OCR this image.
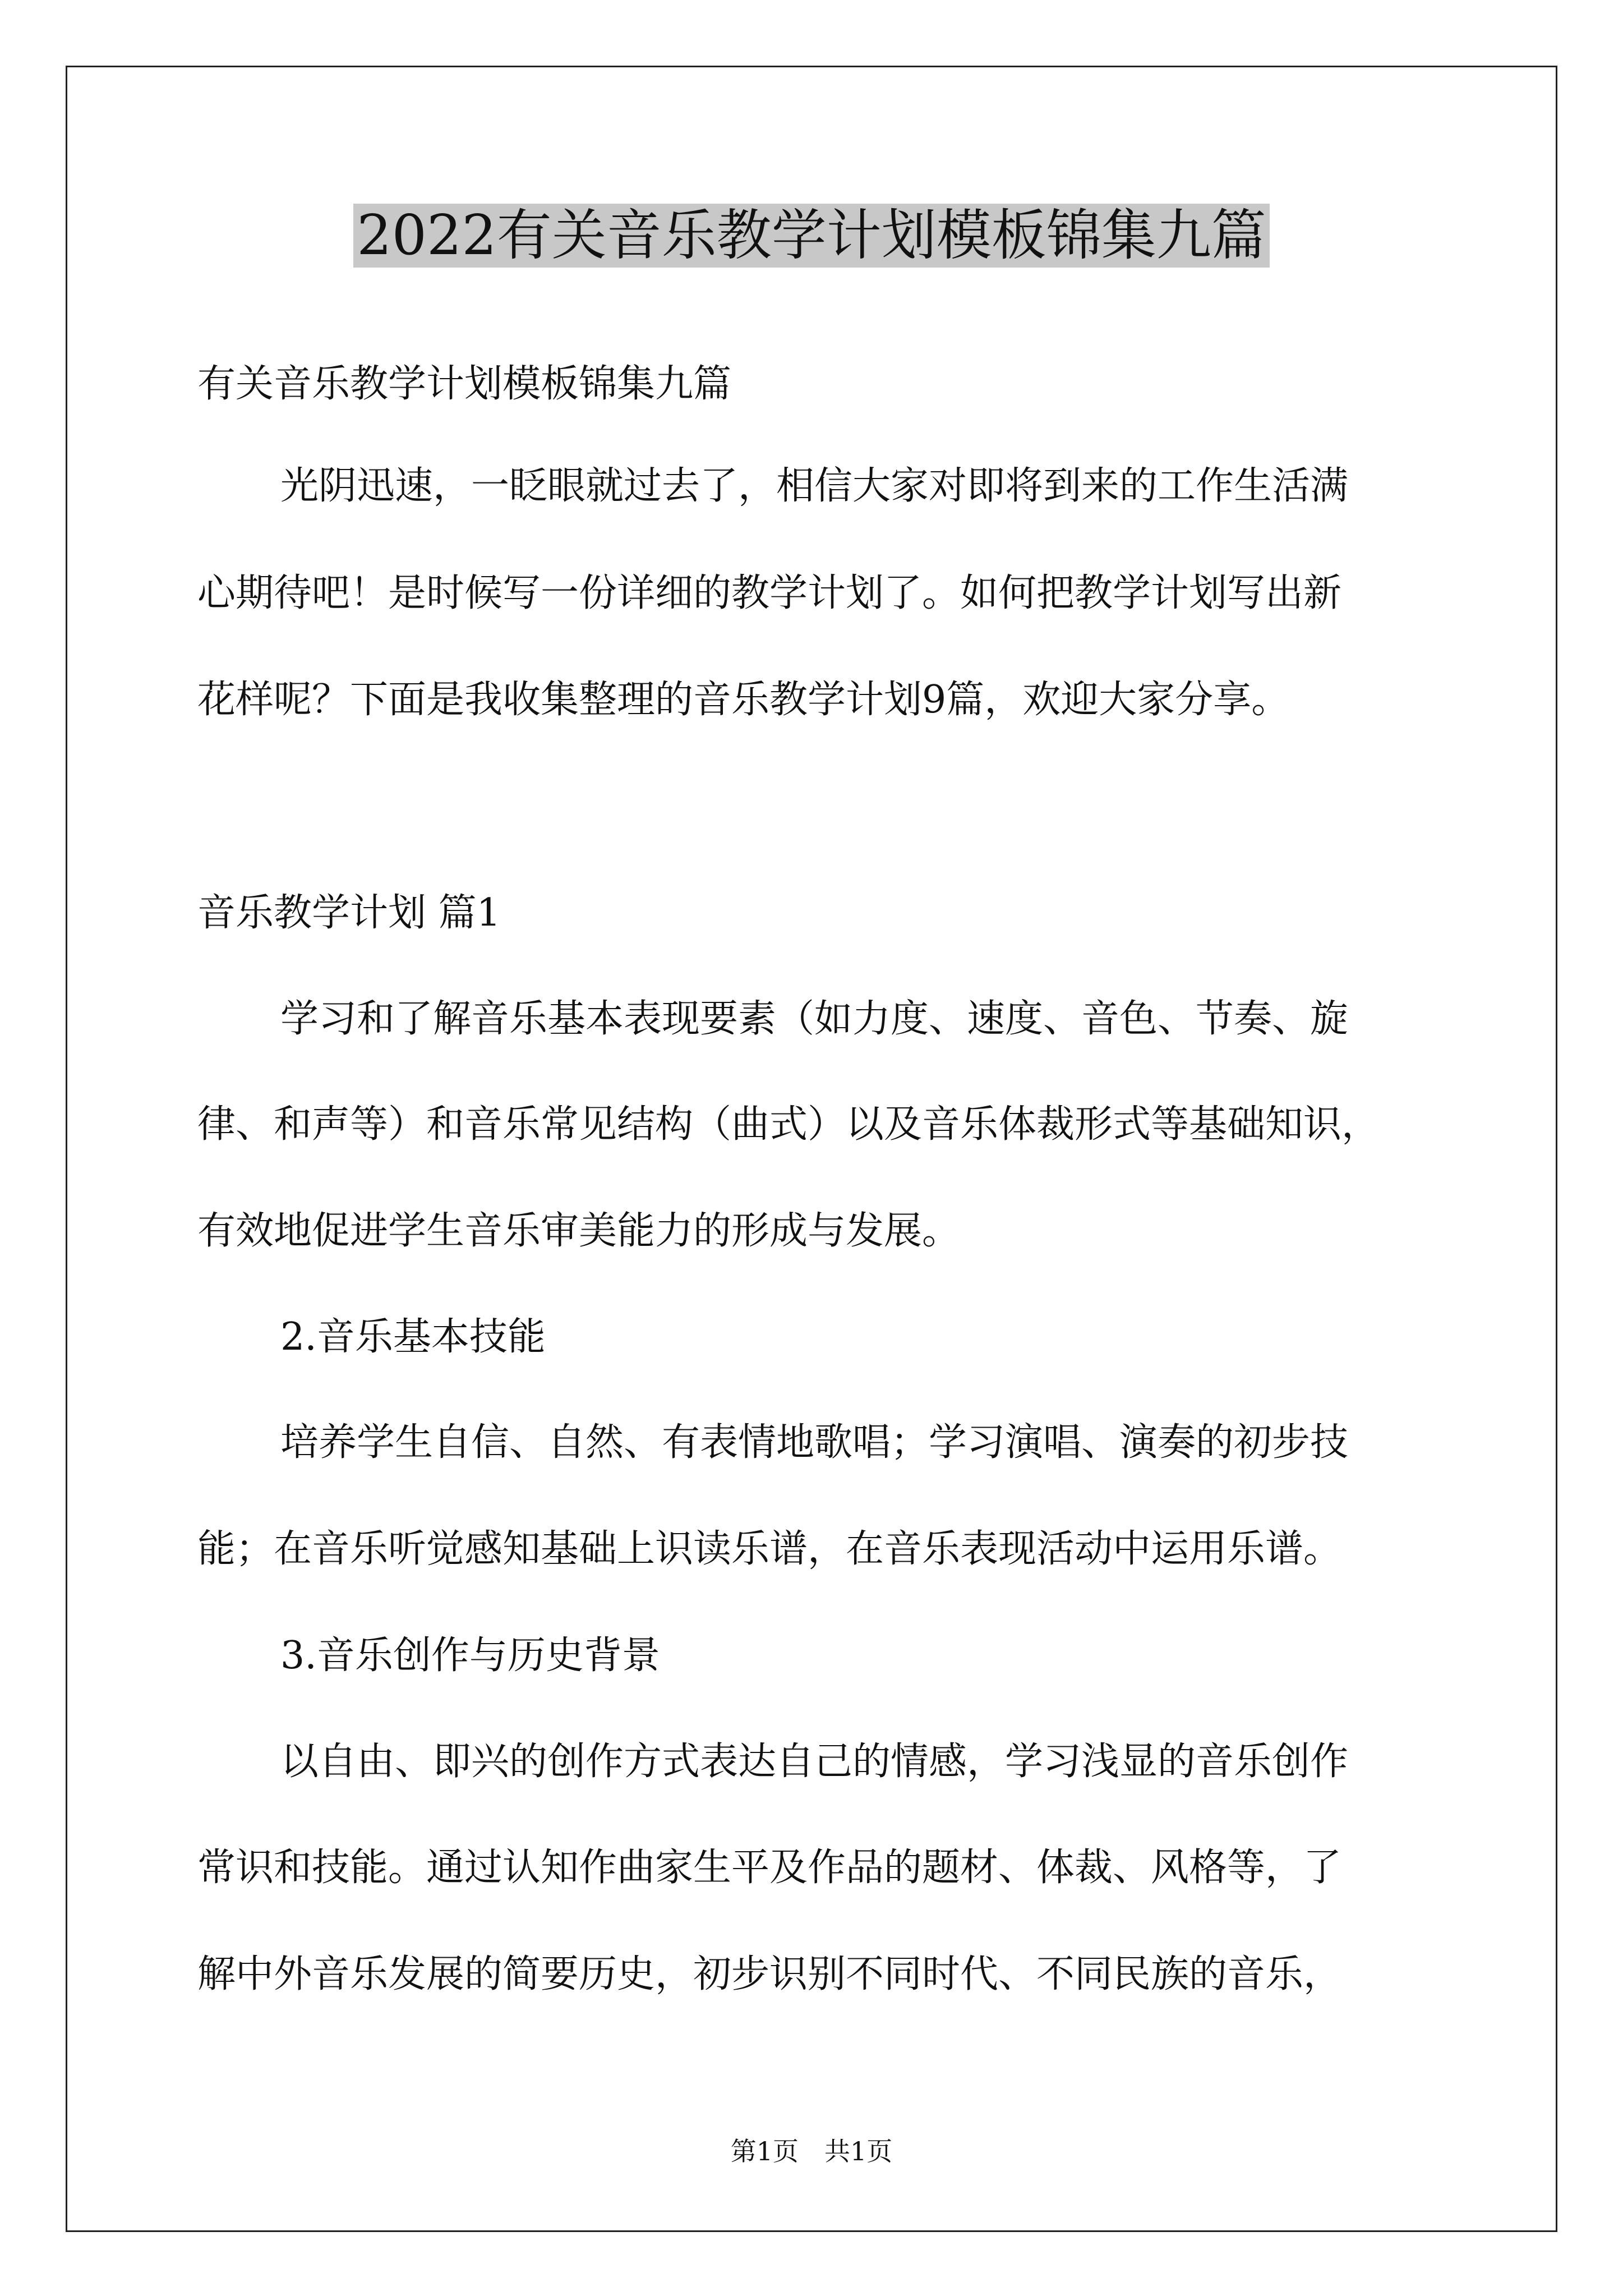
2022有关音乐教学计划模板锦集九篇
有关音乐教学计划模板锦集九篇
光阴迅速，一眨眼就过去了，相信大家对即将到来的工作生活满
心期待吧！是时候写一份详细的教学计划了。如何把教学计划写出新
花样呢？下面是我收集整理的音乐教学计划9篇，欢迎大家分享。
音乐教学计划 篇1
学习和了解音乐基本表现要素（如力度、速度、音色、节奏、旋
律、和声等）和音乐常见结构（曲式）以及音乐体裁形式等基础知识，
有效地促进学生音乐审美能力的形成与发展。
2.音乐基本技能
培养学生自信、自然、有表情地歌唱；学习演唱、演奏的初步技
能；在音乐听觉感知基础上识读乐谱，在音乐表现活动中运用乐谱。
3.音乐创作与历史背景
以自由、即兴的创作方式表达自己的情感，学习浅显的音乐创作
常识和技能。通过认知作曲家生平及作品的题材、体裁、风格等，了
解中外音乐发展的简要历史，初步识别不同时代、不同民族的音乐，
第1页　共1页
